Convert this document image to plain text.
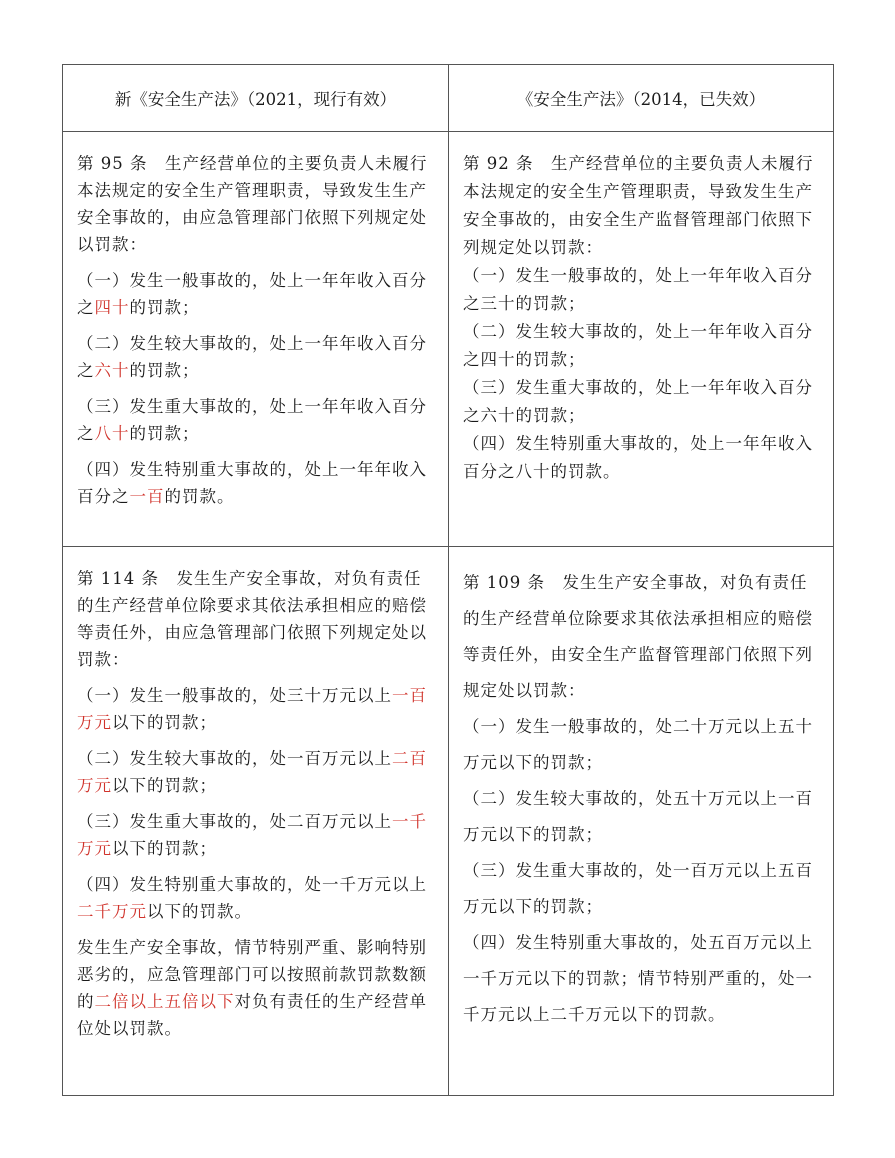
新《安全生产法》（2021，现行有效）	《安全生产法》（2014，已失效）

第 95 条　生产经营单位的主要负责人未履行本法规定的安全生产管理职责，导致发生生产安全事故的，由应急管理部门依照下列规定处以罚款：

（一）发生一般事故的，处上一年年收入百分之四十的罚款；

（二）发生较大事故的，处上一年年收入百分之六十的罚款；

（三）发生重大事故的，处上一年年收入百分之八十的罚款；

（四）发生特别重大事故的，处上一年年收入百分之一百的罚款。

第 92 条　生产经营单位的主要负责人未履行本法规定的安全生产管理职责，导致发生生产安全事故的，由安全生产监督管理部门依照下列规定处以罚款：

（一）发生一般事故的，处上一年年收入百分之三十的罚款；

（二）发生较大事故的，处上一年年收入百分之四十的罚款；

（三）发生重大事故的，处上一年年收入百分之六十的罚款；

（四）发生特别重大事故的，处上一年年收入百分之八十的罚款。

第 114 条　发生生产安全事故，对负有责任的生产经营单位除要求其依法承担相应的赔偿等责任外，由应急管理部门依照下列规定处以罚款：

（一）发生一般事故的，处三十万元以上一百万元以下的罚款；

（二）发生较大事故的，处一百万元以上二百万元以下的罚款；

（三）发生重大事故的，处二百万元以上一千万元以下的罚款；

（四）发生特别重大事故的，处一千万元以上二千万元以下的罚款。

发生生产安全事故，情节特别严重、影响特别恶劣的，应急管理部门可以按照前款罚款数额的二倍以上五倍以下对负有责任的生产经营单位处以罚款。

第 109 条　发生生产安全事故，对负有责任的生产经营单位除要求其依法承担相应的赔偿等责任外，由安全生产监督管理部门依照下列规定处以罚款：

（一）发生一般事故的，处二十万元以上五十万元以下的罚款；

（二）发生较大事故的，处五十万元以上一百万元以下的罚款；

（三）发生重大事故的，处一百万元以上五百万元以下的罚款；

（四）发生特别重大事故的，处五百万元以上一千万元以下的罚款；情节特别严重的，处一千万元以上二千万元以下的罚款。
